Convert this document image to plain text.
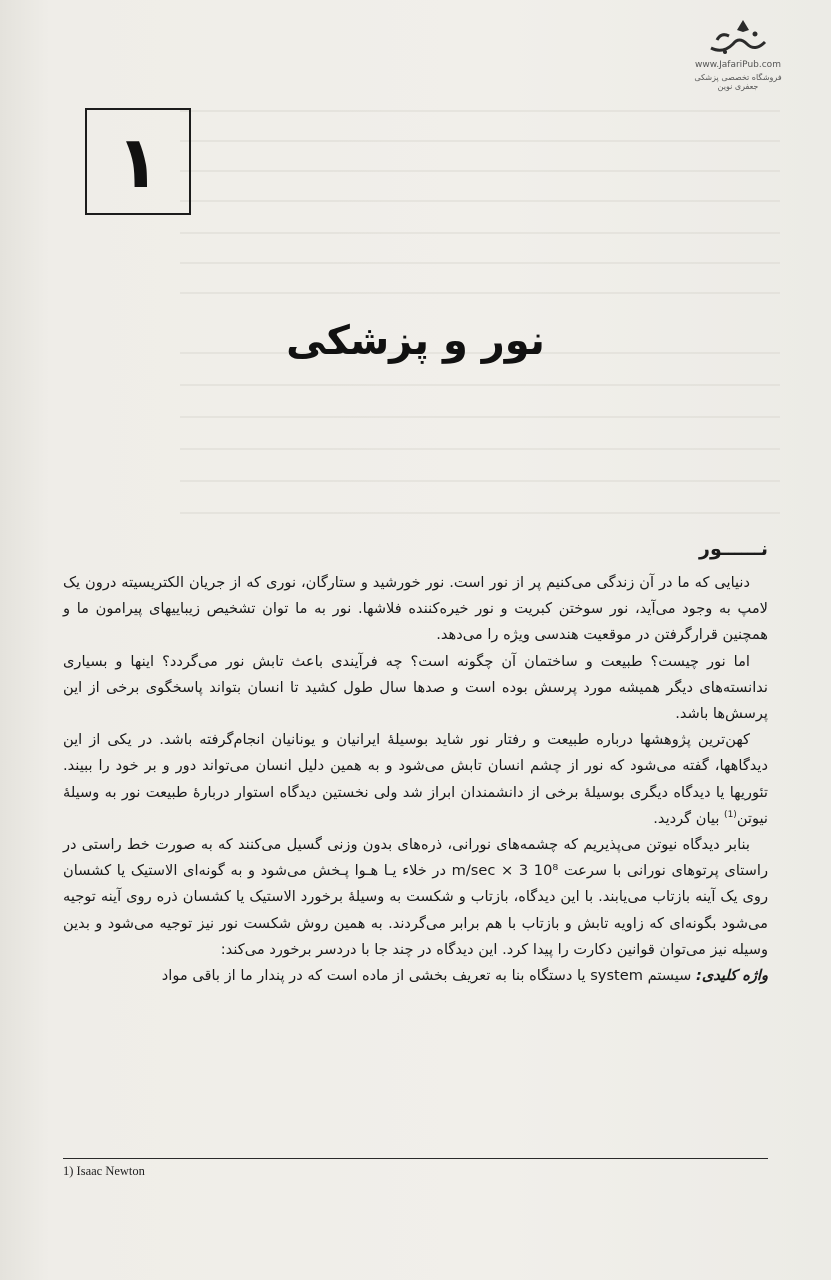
www.JafariPub.com
فروشگاه تخصصی پزشکی جعفری نوین
۱
نور و پزشکی
نــــــور

دنیایی که ما در آن زندگی می‌کنیم پر از نور است. نور خورشید و ستارگان، نوری که از جریان الکتریسیته درون یک لامپ به وجود می‌آید، نور سوختن کبریت و نور خیره‌کننده فلاشها. نور به ما توان تشخیص زیباییهای پیرامون ما و همچنین قرارگرفتن در موقعیت هندسی ویژه را می‌دهد.

اما نور چیست؟ طبیعت و ساختمان آن چگونه است؟ چه فرآیندی باعث تابش نور می‌گردد؟ اینها و بسیاری ندانسته‌های دیگر همیشه مورد پرسش بوده است و صدها سال طول کشید تا انسان بتواند پاسخگوی برخی از این پرسش‌ها باشد.

کهن‌ترین پژوهشها درباره طبیعت و رفتار نور شاید بوسیلهٔ ایرانیان و یونانیان انجام‌گرفته باشد. در یکی از این دیدگاهها، گفته می‌شود که نور از چشم انسان تابش می‌شود و به همین دلیل انسان می‌تواند دور و بر خود را ببیند. تئوریها یا دیدگاه دیگری بوسیلهٔ برخی از دانشمندان ابراز شد ولی نخستین دیدگاه استوار دربارهٔ طبیعت نور به وسیلهٔ نیوتن$^{(1)}$ بیان گردید.

بنابر دیدگاه نیوتن می‌پذیریم که چشمه‌های نورانی، ذره‌های بدون وزنی گسیل می‌کنند که به صورت خط راستی در راستای پرتوهای نورانی با سرعت 10⁸ m/sec × 3 در خلاء یـا هـوا پـخش می‌شود و به گونه‌ای الاستیک یا کشسان روی یک آینه بازتاب می‌یابند. با این دیدگاه، بازتاب و شکست به وسیلهٔ برخورد الاستیک یا کشسان ذره روی آینه توجیه می‌شود بگونه‌ای که زاویه تابش و بازتاب با هم برابر می‌گردند. به همین روش شکست نور نیز توجیه می‌شود و بدین وسیله نیز می‌توان قوانین دکارت را پیدا کرد. این دیدگاه در چند جا با دردسر برخورد می‌کند:

واژه کلیدی: سیستم system یا دستگاه بنا به تعریف بخشی از ماده است که در پندار ما از باقی مواد

1) Isaac Newton
